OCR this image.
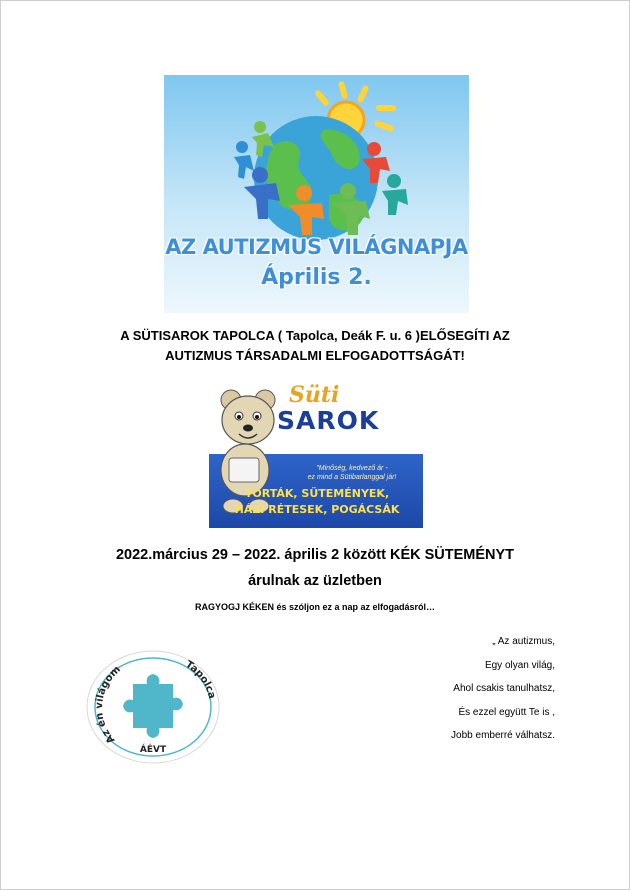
AZ AUTIZMUS VILÁGNAPJA
Április 2.
A SÜTISAROK TAPOLCA ( Tapolca, Deák F. u. 6 )ELŐSEGÍTI AZ
AUTIZMUS TÁRSADALMI ELFOGADOTTSÁGÁT!
Süti
SAROK
Tapolca, Deák F. u. 6.
"Minőség, kedvező ár -
ez mind a Sütibarlanggal jár!
TORTÁK, SÜTEMÉNYEK,
HÁZI RÉTESEK, POGÁCSÁK
2022.március 29 – 2022. április 2 között KÉK SÜTEMÉNYT
árulnak az üzletben
RAGYOGJ KÉKEN és szóljon ez a nap az elfogadásról…
Az én világom	Tapolca
ÁÉVT
„ Az autizmus,
Egy olyan világ,
Ahol csakis tanulhatsz,
És ezzel együtt Te is ,
Jobb emberré válhatsz.
